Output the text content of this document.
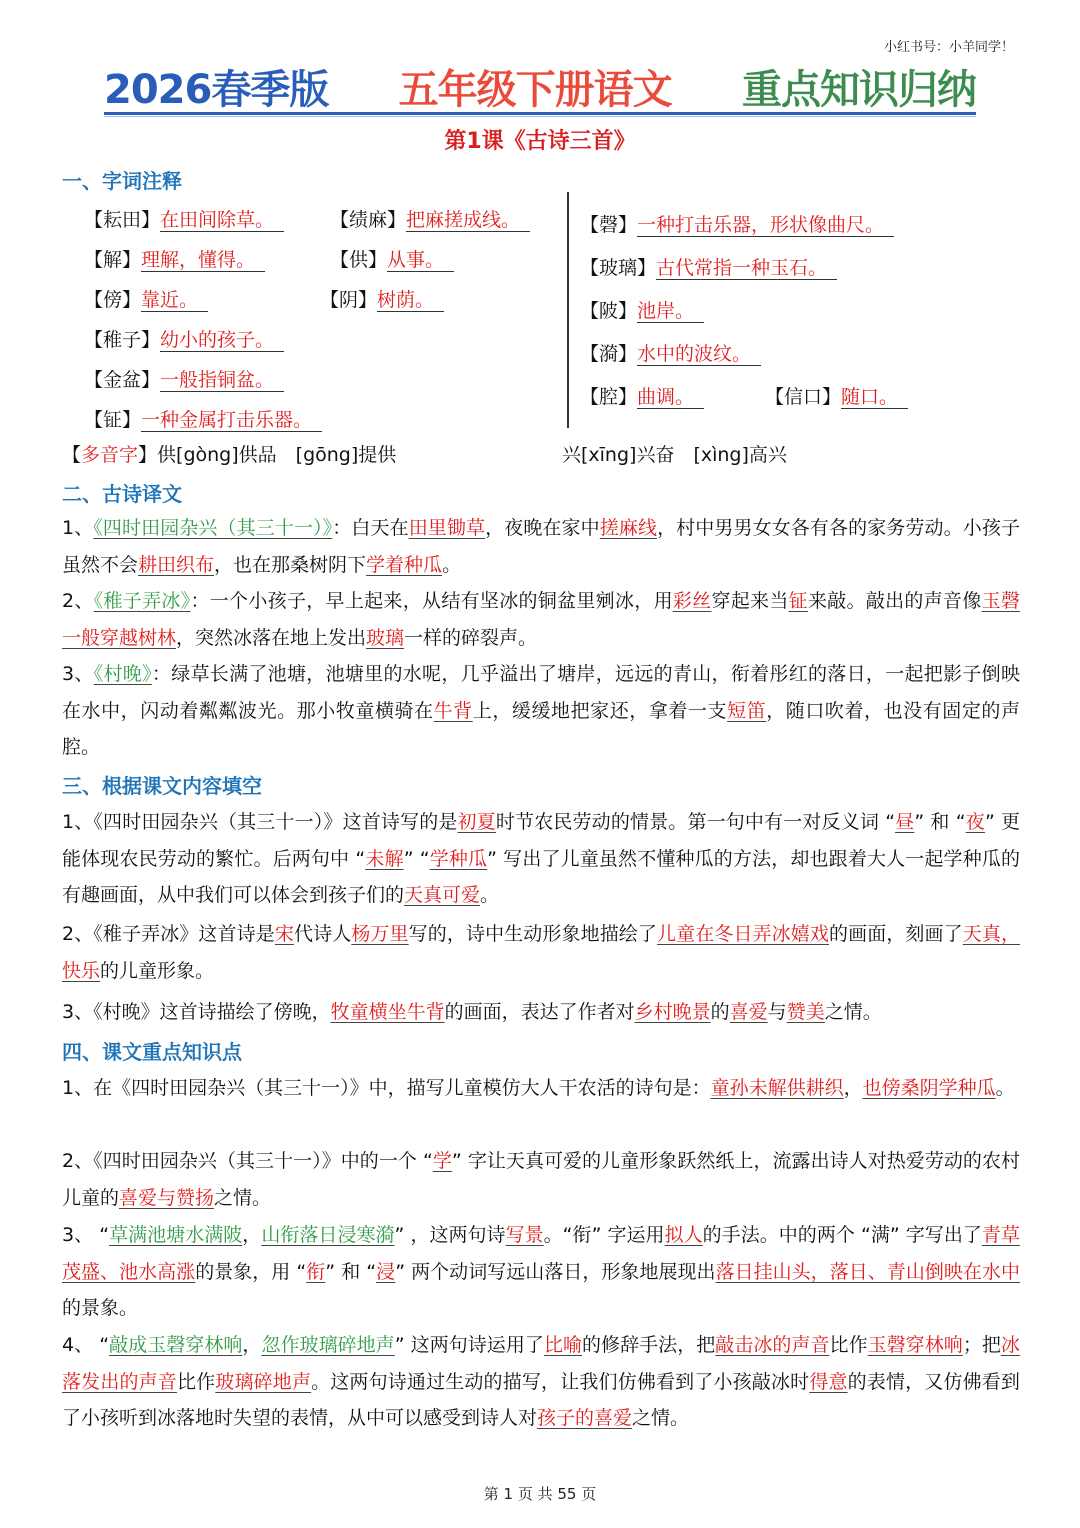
小红书号：小羊同学！
2026春季版 五年级下册语文 重点知识归纳
第1课《古诗三首》
一、字词注释
【耘田】在田间除草。	【绩麻】把麻搓成线。
【解】理解，懂得。	【供】从事。
【傍】靠近。	【阴】树荫。
【稚子】幼小的孩子。
【金盆】一般指铜盆。
【钲】一种金属打击乐器。
【磬】一种打击乐器，形状像曲尺。
【玻璃】古代常指一种玉石。
【陂】池岸。
【漪】水中的波纹。
【腔】曲调。	【信口】随口。
【多音字】供[gòng]供品　[gōng]提供	兴[xīng]兴奋　[xìng]高兴
二、古诗译文
1、《四时田园杂兴（其三十一）》：白天在田里锄草，夜晚在家中搓麻线，村中男男女女各有各的家务劳动。小孩子虽然不会耕田织布，也在那桑树阴下学着种瓜。
2、《稚子弄冰》：一个小孩子，早上起来，从结有坚冰的铜盆里剜冰，用彩丝穿起来当钲来敲。敲出的声音像玉磬一般穿越树林，突然冰落在地上发出玻璃一样的碎裂声。
3、《村晚》：绿草长满了池塘，池塘里的水呢，几乎溢出了塘岸，远远的青山，衔着彤红的落日，一起把影子倒映在水中，闪动着粼粼波光。那小牧童横骑在牛背上，缓缓地把家还，拿着一支短笛，随口吹着，也没有固定的声腔。
三、根据课文内容填空
1、《四时田园杂兴（其三十一）》这首诗写的是初夏时节农民劳动的情景。第一句中有一对反义词 “昼” 和 “夜” 更能体现农民劳动的繁忙。后两句中 “未解” “学种瓜” 写出了儿童虽然不懂种瓜的方法，却也跟着大人一起学种瓜的有趣画面，从中我们可以体会到孩子们的天真可爱。
2、《稚子弄冰》这首诗是宋代诗人杨万里写的，诗中生动形象地描绘了儿童在冬日弄冰嬉戏的画面，刻画了天真，快乐的儿童形象。
3、《村晚》这首诗描绘了傍晚，牧童横坐牛背的画面，表达了作者对乡村晚景的喜爱与赞美之情。
四、课文重点知识点
1、在《四时田园杂兴（其三十一）》中，描写儿童模仿大人干农活的诗句是：童孙未解供耕织，也傍桑阴学种瓜。
2、《四时田园杂兴（其三十一）》中的一个 “学” 字让天真可爱的儿童形象跃然纸上，流露出诗人对热爱劳动的农村儿童的喜爱与赞扬之情。
3、 “草满池塘水满陂，山衔落日浸寒漪” ，这两句诗写景。“衔” 字运用拟人的手法。中的两个 “满” 字写出了青草茂盛、池水高涨的景象，用 “衔” 和 “浸” 两个动词写远山落日，形象地展现出落日挂山头，落日、青山倒映在水中的景象。
4、 “敲成玉磬穿林响，忽作玻璃碎地声” 这两句诗运用了比喻的修辞手法，把敲击冰的声音比作玉磬穿林响；把冰落发出的声音比作玻璃碎地声。这两句诗通过生动的描写，让我们仿佛看到了小孩敲冰时得意的表情，又仿佛看到了小孩听到冰落地时失望的表情，从中可以感受到诗人对孩子的喜爱之情。
第 1 页 共 55 页
